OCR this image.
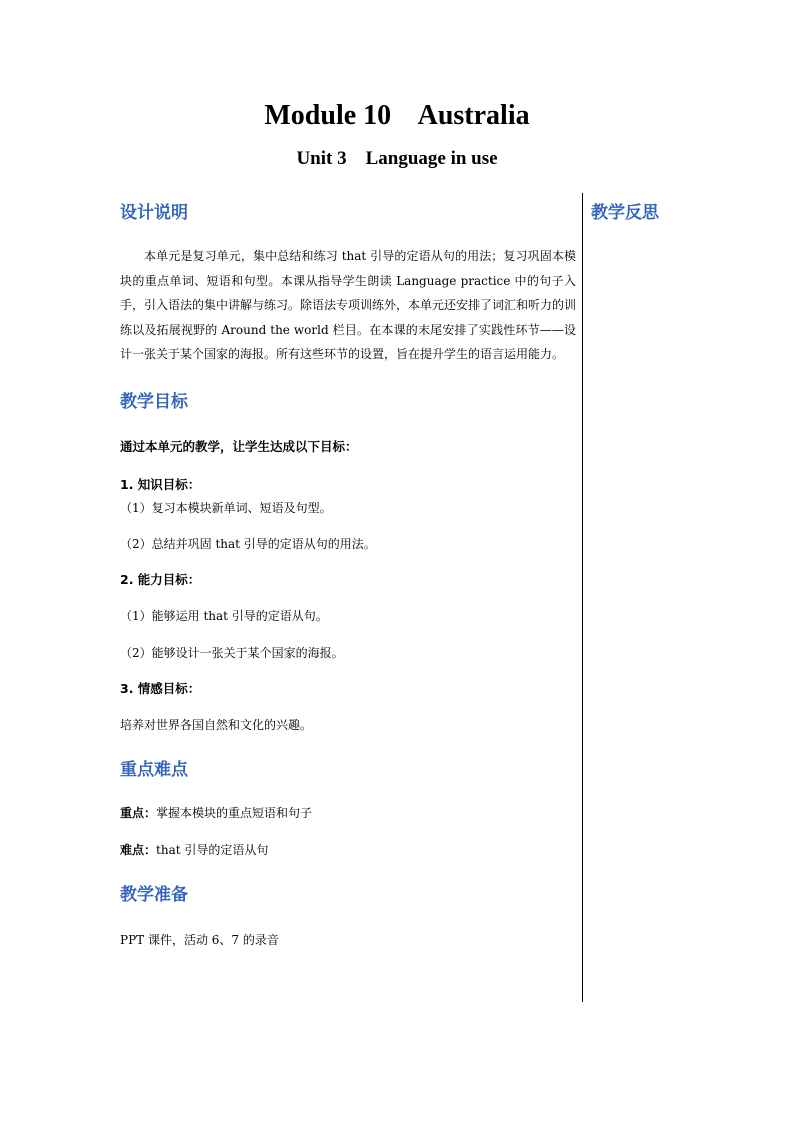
Module 10    Australia
Unit 3    Language in use

教学反思

设计说明

本单元是复习单元，集中总结和练习 that 引导的定语从句的用法；复习巩固本模块的重点单词、短语和句型。本课从指导学生朗读 Language practice 中的句子入手，引入语法的集中讲解与练习。除语法专项训练外，本单元还安排了词汇和听力的训练以及拓展视野的 Around the world 栏目。在本课的末尾安排了实践性环节——设计一张关于某个国家的海报。所有这些环节的设置，旨在提升学生的语言运用能力。

教学目标

通过本单元的教学，让学生达成以下目标：

1. 知识目标：

（1）复习本模块新单词、短语及句型。

（2）总结并巩固 that 引导的定语从句的用法。

2. 能力目标：

（1）能够运用 that 引导的定语从句。

（2）能够设计一张关于某个国家的海报。

3. 情感目标：

培养对世界各国自然和文化的兴趣。

重点难点

重点：掌握本模块的重点短语和句子

难点：that 引导的定语从句

教学准备

PPT 课件，活动 6、7 的录音
